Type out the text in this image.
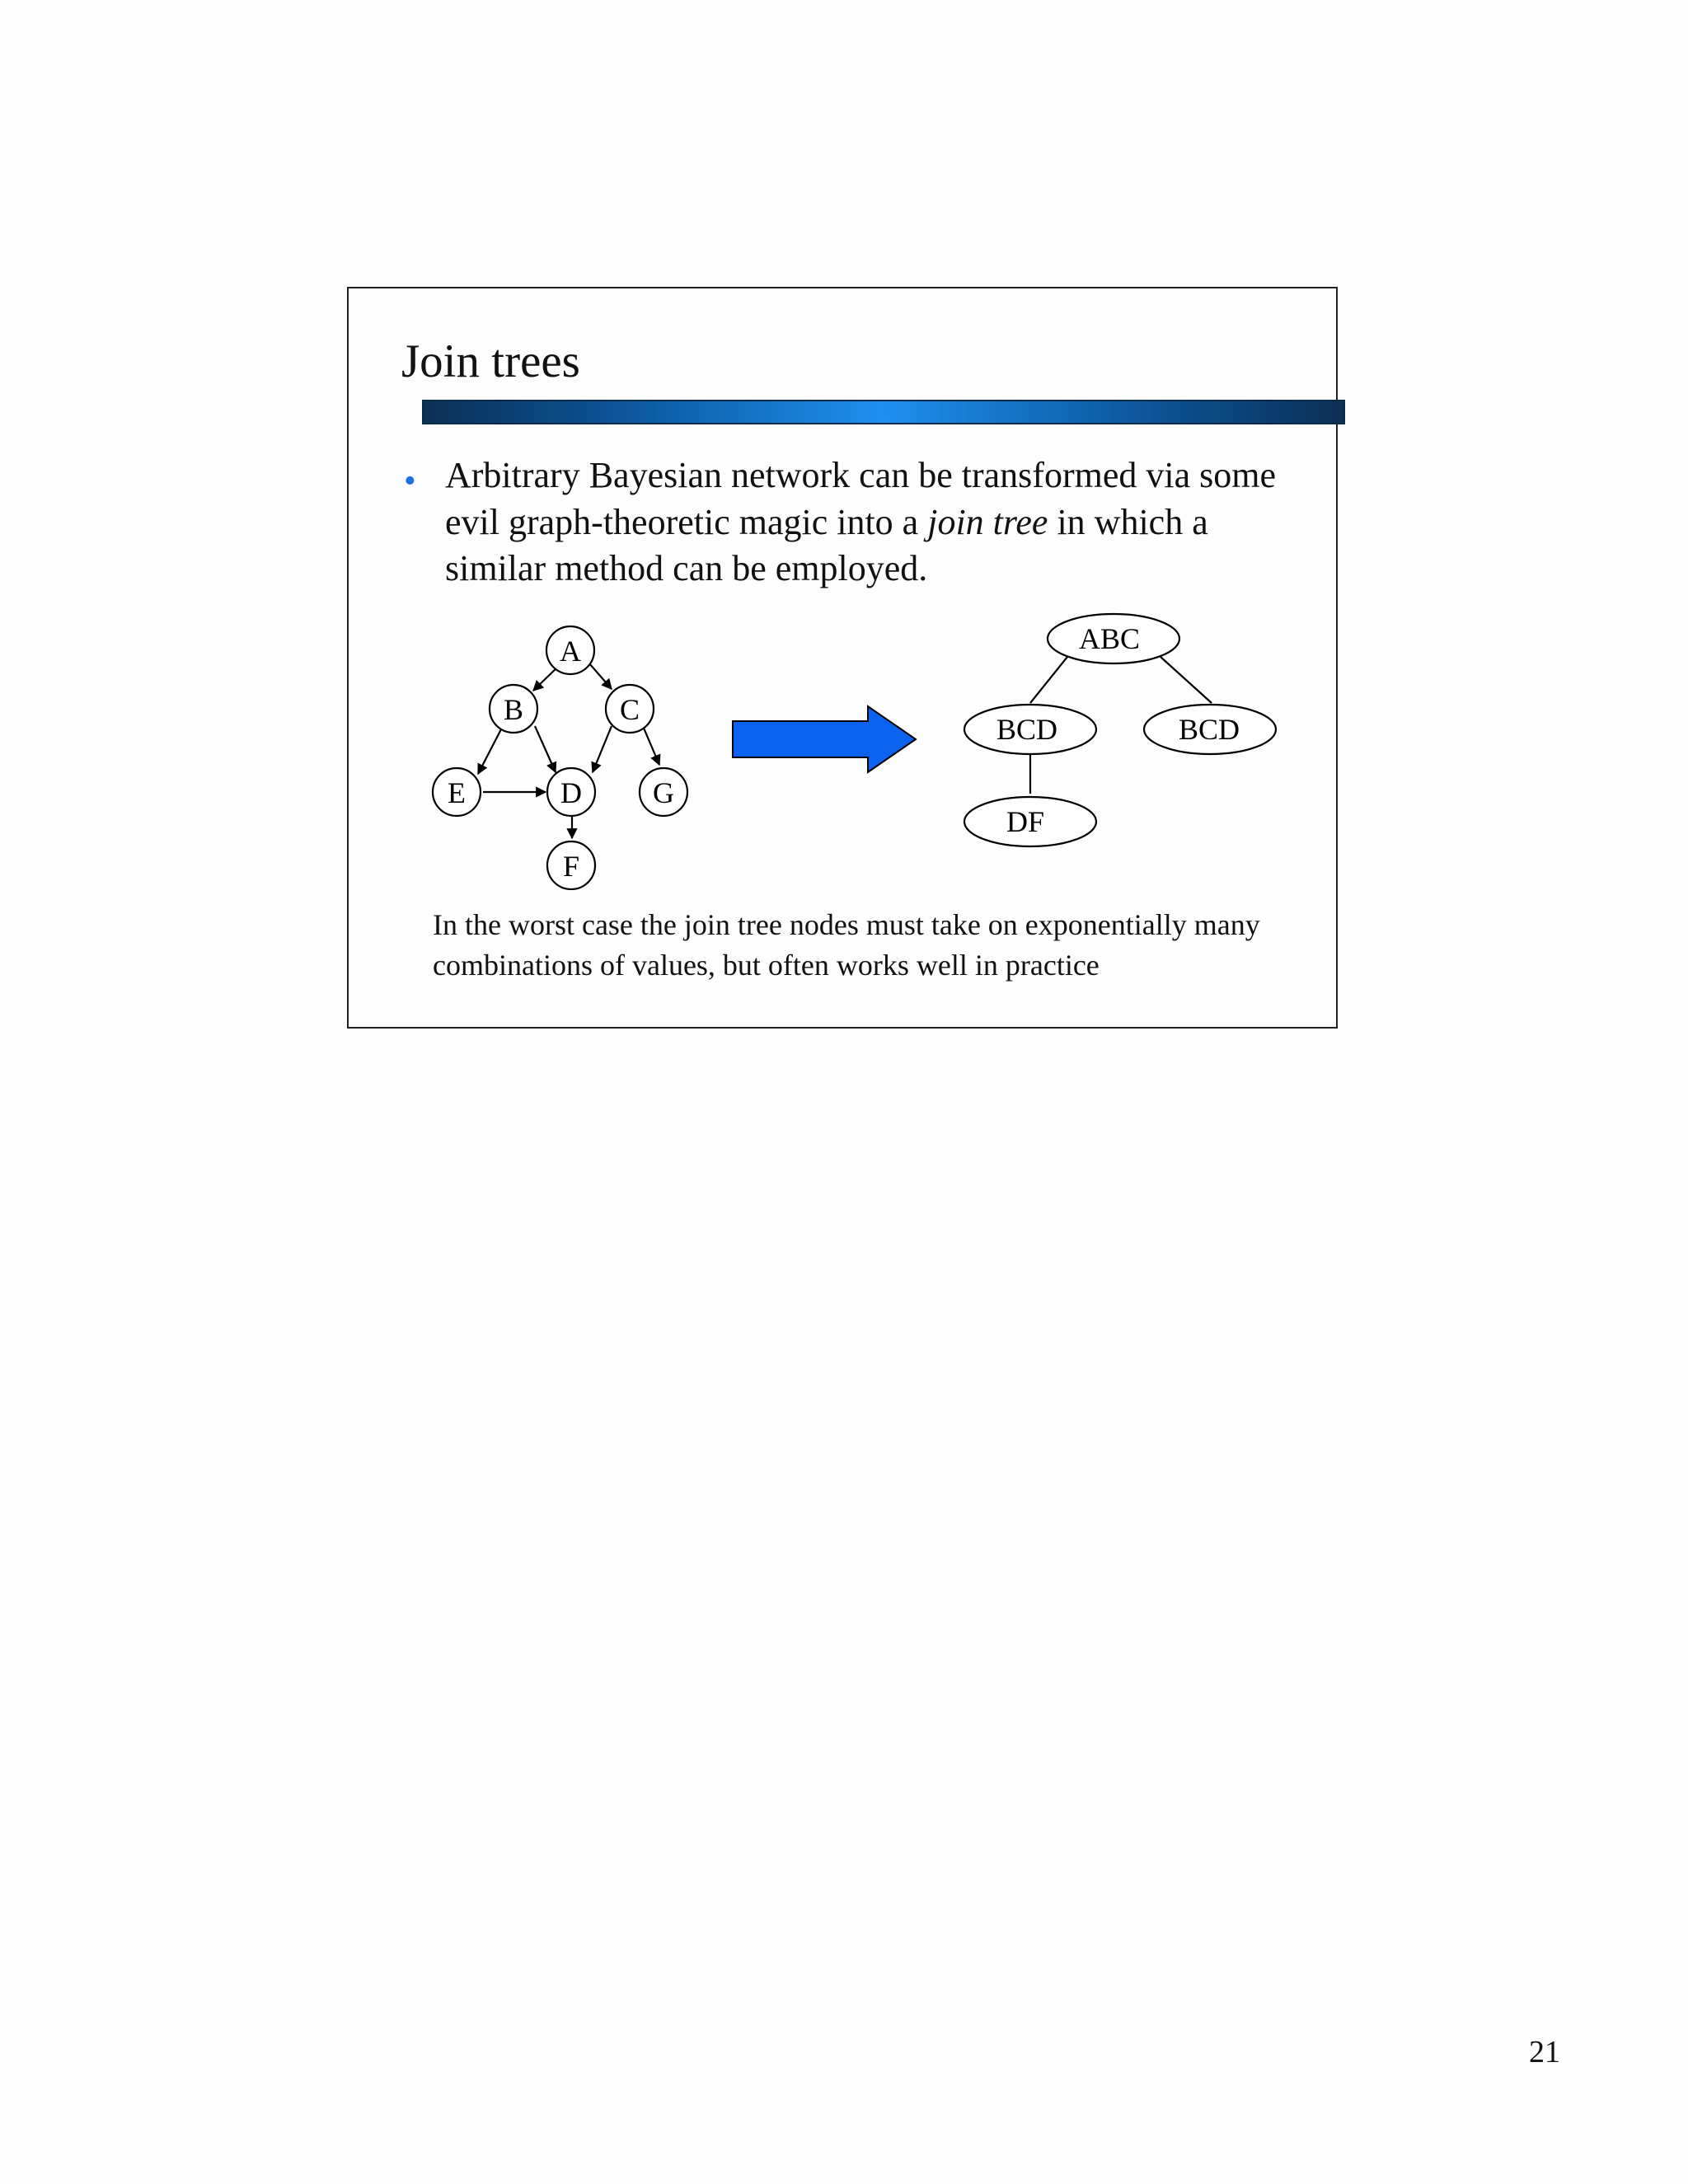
Join trees
• Arbitrary Bayesian network can be transformed via some evil graph-theoretic magic into a join tree in which a similar method can be employed.

A
B	C
E	D G
F
ABC
BCD	BCD
DF

In the worst case the join tree nodes must take on exponentially many combinations of values, but often works well in practice

21
